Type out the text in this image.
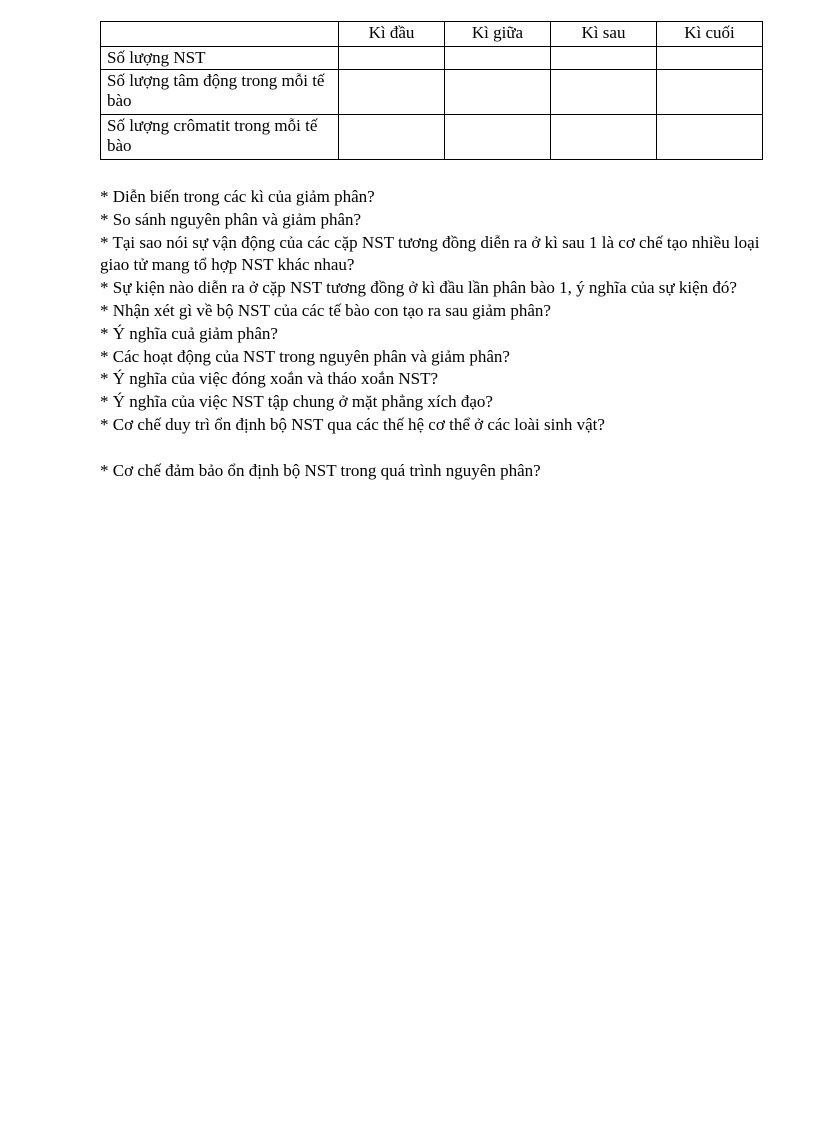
	Kì đầu	Kì giữa	Kì sau	Kì cuối
Số lượng NST				
Số lượng tâm động trong mỗi tế bào				
Số lượng crômatit trong mỗi tế bào				

* Diễn biến trong các kì của giảm phân?

* So sánh nguyên phân và giảm phân?

* Tại sao nói sự vận động của các cặp NST tương đồng diễn ra ở kì sau 1 là cơ chế tạo nhiều loại giao tử mang tổ hợp NST khác nhau?

* Sự kiện nào diễn ra ở cặp NST tương đồng ở kì đầu lần phân bào 1, ý nghĩa của sự kiện đó?

* Nhận xét gì về bộ NST của các tế bào con tạo ra sau giảm phân?

* Ý nghĩa cuả giảm phân?

* Các hoạt động của NST trong nguyên phân và giảm phân?

* Ý nghĩa của việc đóng xoắn và tháo xoắn NST?

* Ý nghĩa của việc NST tập chung ở mặt phẳng xích đạo?

* Cơ chế duy trì ổn định bộ NST qua các thế hệ cơ thể ở các loài sinh vật?

* Cơ chế đảm bảo ổn định bộ NST trong quá trình nguyên phân?
